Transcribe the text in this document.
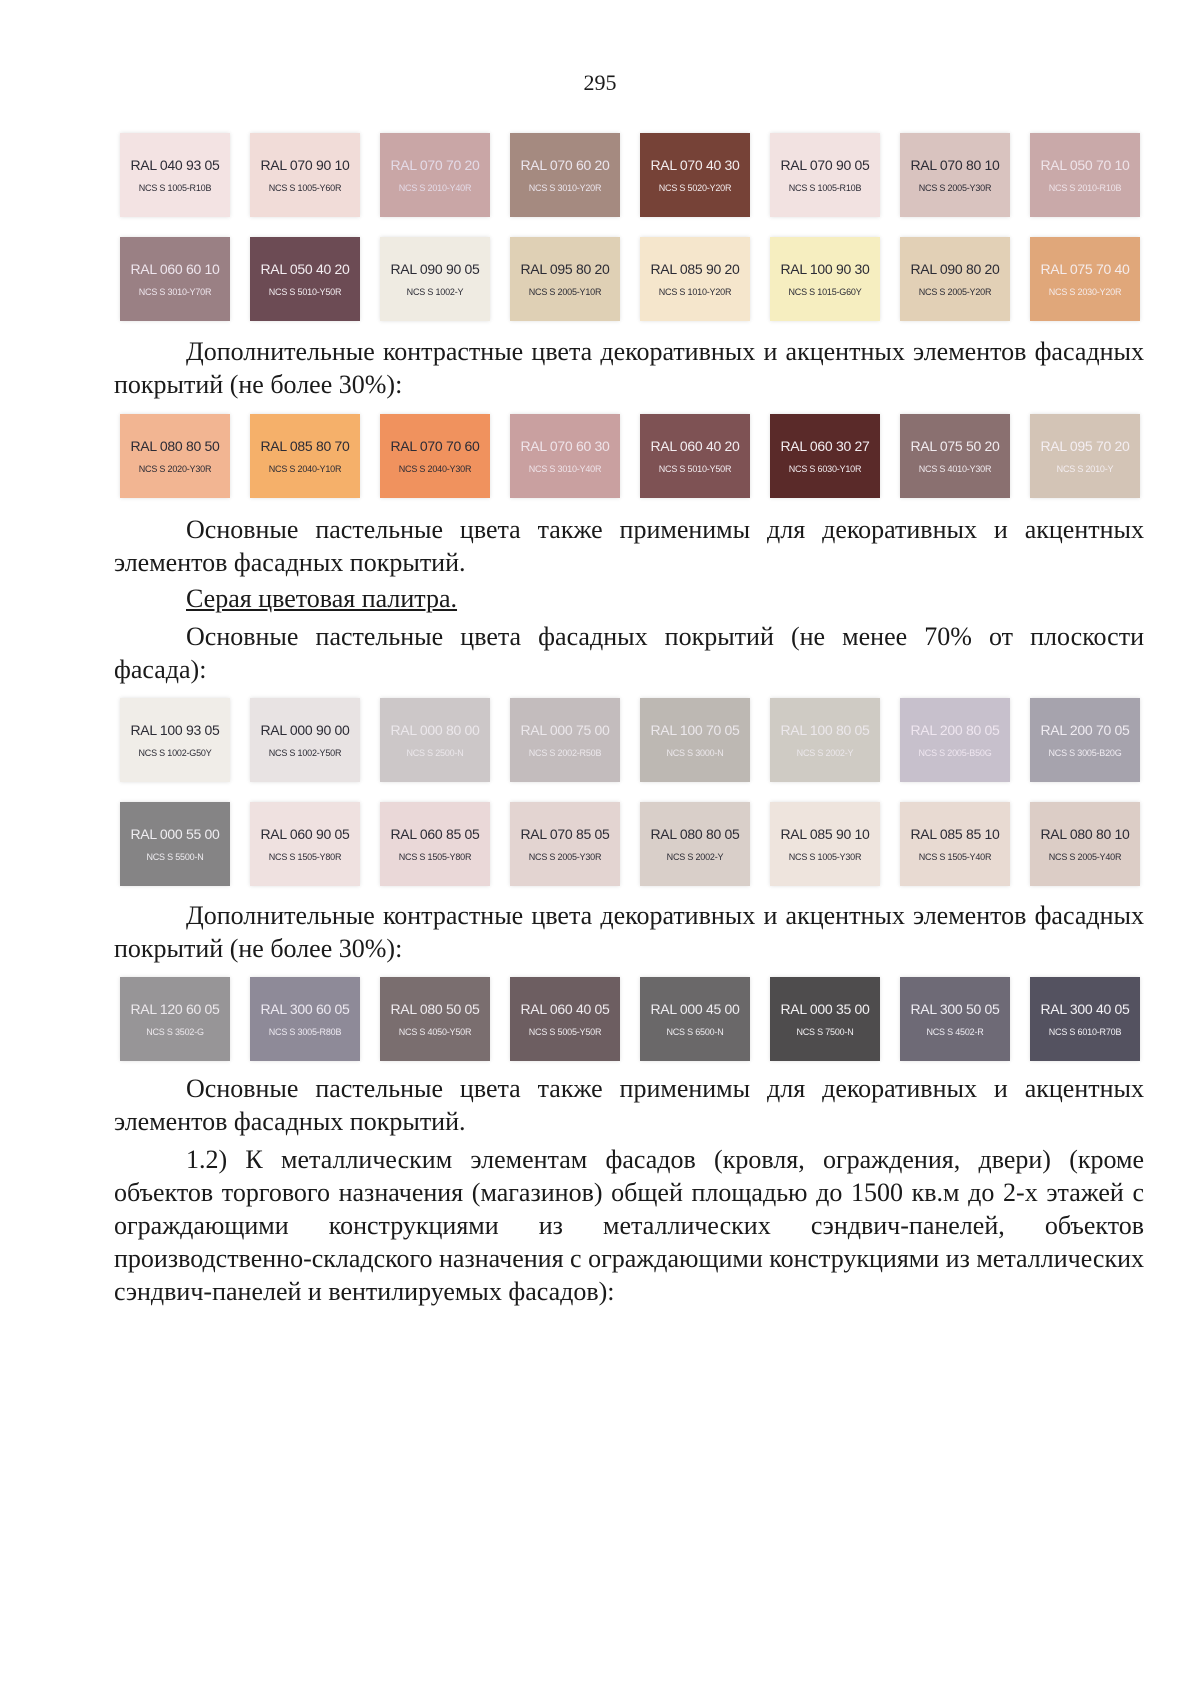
295
RAL 040 93 05
NCS S 1005-R10B
RAL 070 90 10
NCS S 1005-Y60R
RAL 070 70 20
NCS S 2010-Y40R
RAL 070 60 20
NCS S 3010-Y20R
RAL 070 40 30
NCS S 5020-Y20R
RAL 070 90 05
NCS S 1005-R10B
RAL 070 80 10
NCS S 2005-Y30R
RAL 050 70 10
NCS S 2010-R10B
RAL 060 60 10
NCS S 3010-Y70R
RAL 050 40 20
NCS S 5010-Y50R
RAL 090 90 05
NCS S 1002-Y
RAL 095 80 20
NCS S 2005-Y10R
RAL 085 90 20
NCS S 1010-Y20R
RAL 100 90 30
NCS S 1015-G60Y
RAL 090 80 20
NCS S 2005-Y20R
RAL 075 70 40
NCS S 2030-Y20R

Дополнительные контрастные цвета декоративных и акцентных элементов фасадных покрытий (не более 30%):

RAL 080 80 50
NCS S 2020-Y30R
RAL 085 80 70
NCS S 2040-Y10R
RAL 070 70 60
NCS S 2040-Y30R
RAL 070 60 30
NCS S 3010-Y40R
RAL 060 40 20
NCS S 5010-Y50R
RAL 060 30 27
NCS S 6030-Y10R
RAL 075 50 20
NCS S 4010-Y30R
RAL 095 70 20
NCS S 2010-Y

Основные пастельные цвета также применимы для декоративных и акцентных элементов фасадных покрытий.

Серая цветовая палитра.

Основные пастельные цвета фасадных покрытий (не менее 70% от плоскости фасада):

RAL 100 93 05
NCS S 1002-G50Y
RAL 000 90 00
NCS S 1002-Y50R
RAL 000 80 00
NCS S 2500-N
RAL 000 75 00
NCS S 2002-R50B
RAL 100 70 05
NCS S 3000-N
RAL 100 80 05
NCS S 2002-Y
RAL 200 80 05
NCS S 2005-B50G
RAL 200 70 05
NCS S 3005-B20G
RAL 000 55 00
NCS S 5500-N
RAL 060 90 05
NCS S 1505-Y80R
RAL 060 85 05
NCS S 1505-Y80R
RAL 070 85 05
NCS S 2005-Y30R
RAL 080 80 05
NCS S 2002-Y
RAL 085 90 10
NCS S 1005-Y30R
RAL 085 85 10
NCS S 1505-Y40R
RAL 080 80 10
NCS S 2005-Y40R

Дополнительные контрастные цвета декоративных и акцентных элементов фасадных покрытий (не более 30%):

RAL 120 60 05
NCS S 3502-G
RAL 300 60 05
NCS S 3005-R80B
RAL 080 50 05
NCS S 4050-Y50R
RAL 060 40 05
NCS S 5005-Y50R
RAL 000 45 00
NCS S 6500-N
RAL 000 35 00
NCS S 7500-N
RAL 300 50 05
NCS S 4502-R
RAL 300 40 05
NCS S 6010-R70B

Основные пастельные цвета также применимы для декоративных и акцентных элементов фасадных покрытий.

1.2) К металлическим элементам фасадов (кровля, ограждения, двери) (кроме объектов торгового назначения (магазинов) общей площадью до 1500 кв.м до 2-х этажей с ограждающими конструкциями из металлических сэндвич-панелей, объектов производственно-складского назначения с ограждающими конструкциями из металлических сэндвич-панелей и вентилируемых фасадов):
